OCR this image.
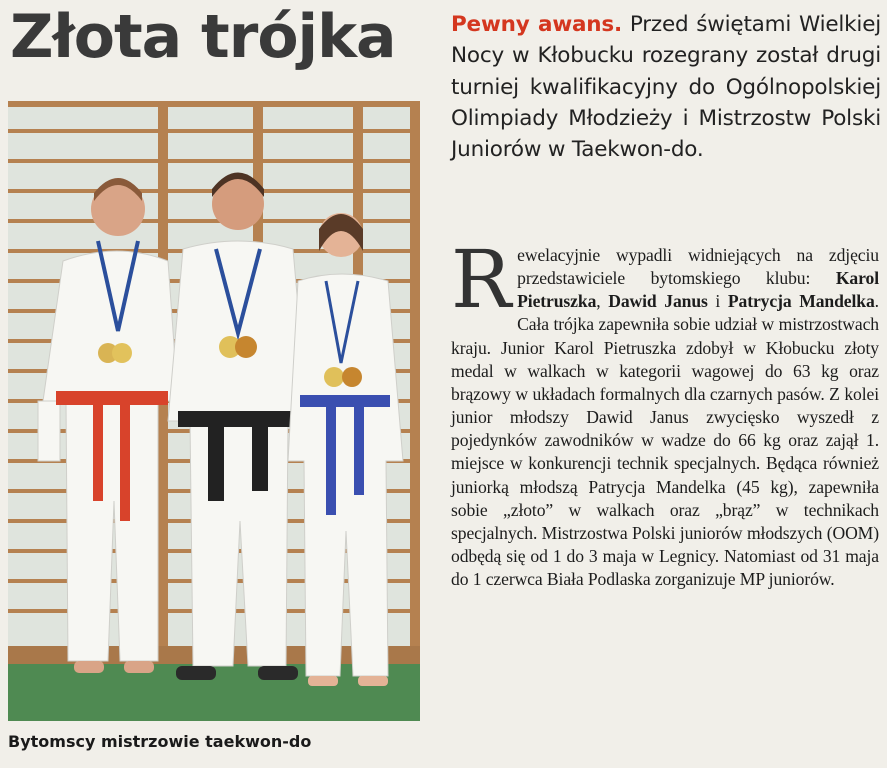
Złota trójka
Bytomscy mistrzowie taekwon-do
Pewny awans. Przed świętami Wielkiej Nocy w Kłobucku rozegrany został drugi turniej kwalifikacyjny do Ogólnopolskiej Olimpiady Młodzieży i Mistrzostw Polski Juniorów w Taekwon-do.
Rewelacyjnie wypadli widniejących na zdjęciu przedstawiciele bytomskiego klubu: Karol Pietruszka, Dawid Janus i Patrycja Mandelka. Cała trójka zapewniła sobie udział w mistrzostwach kraju. Junior Karol Pietruszka zdobył w Kłobucku złoty medal w walkach w kategorii wagowej do 63 kg oraz brązowy w układach formalnych dla czarnych pasów. Z kolei junior młodszy Dawid Janus zwycięsko wyszedł z pojedynków zawodników w wadze do 66 kg oraz zajął 1. miejsce w konkurencji technik specjalnych. Będąca również juniorką młodszą Patrycja Mandelka (45 kg), zapewniła sobie „złoto” w walkach oraz „brąz” w technikach specjalnych. Mistrzostwa Polski juniorów młodszych (OOM) odbędą się od 1 do 3 maja w Legnicy. Natomiast od 31 maja do 1 czerwca Biała Podlaska zorganizuje MP juniorów.
